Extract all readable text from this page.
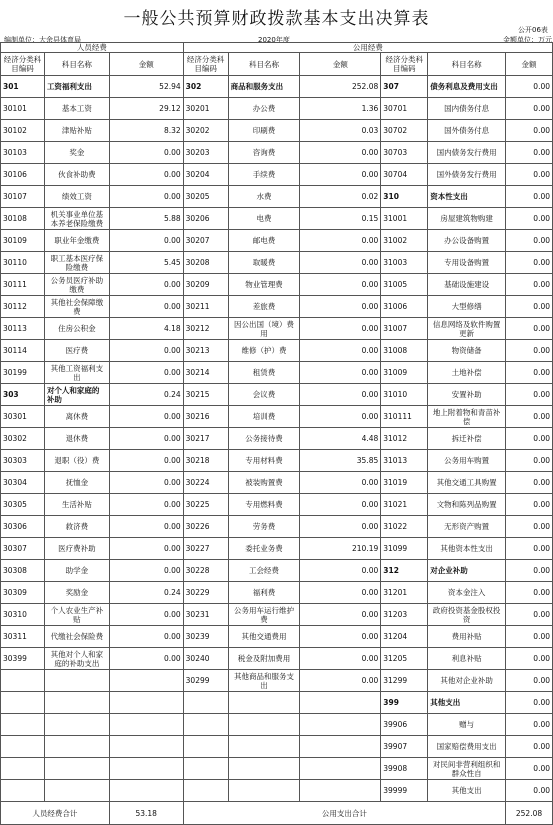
一般公共预算财政拨款基本支出决算表
公开06表
编制单位：大余县体育局	2020年度	金额单位：万元
人员经费			公用经费					
经济分类科目编码	科目名称	金额	经济分类科目编码	科目名称	金额	经济分类科目编码	科目名称	金额
301	工资福利支出	52.94	302	商品和服务支出	252.08	307	债务利息及费用支出	0.00
30101	基本工资	29.12	30201	办公费	1.36	30701	国内债务付息	0.00
30102	津贴补贴	8.32	30202	印刷费	0.03	30702	国外债务付息	0.00
30103	奖金	0.00	30203	咨询费	0.00	30703	国内债务发行费用	0.00
30106	伙食补助费	0.00	30204	手续费	0.00	30704	国外债务发行费用	0.00
30107	绩效工资	0.00	30205	水费	0.02	310	资本性支出	0.00
30108	机关事业单位基本养老保险缴费	5.88	30206	电费	0.15	31001	房屋建筑物购建	0.00
30109	职业年金缴费	0.00	30207	邮电费	0.00	31002	办公设备购置	0.00
30110	职工基本医疗保险缴费	5.45	30208	取暖费	0.00	31003	专用设备购置	0.00
30111	公务员医疗补助缴费	0.00	30209	物业管理费	0.00	31005	基础设施建设	0.00
30112	其他社会保障缴费	0.00	30211	差旅费	0.00	31006	大型修缮	0.00
30113	住房公积金	4.18	30212	因公出国（境）费用	0.00	31007	信息网络及软件购置更新	0.00
30114	医疗费	0.00	30213	维修（护）费	0.00	31008	物资储备	0.00
30199	其他工资福利支出	0.00	30214	租赁费	0.00	31009	土地补偿	0.00
303	对个人和家庭的补助	0.24	30215	会议费	0.00	31010	安置补助	0.00
30301	离休费	0.00	30216	培训费	0.00	310111	地上附着物和青苗补偿	0.00
30302	退休费	0.00	30217	公务接待费	4.48	31012	拆迁补偿	0.00
30303	退职（役）费	0.00	30218	专用材料费	35.85	31013	公务用车购置	0.00
30304	抚恤金	0.00	30224	被装购置费	0.00	31019	其他交通工具购置	0.00
30305	生活补贴	0.00	30225	专用燃料费	0.00	31021	文物和陈列品购置	0.00
30306	救济费	0.00	30226	劳务费	0.00	31022	无形资产购置	0.00
30307	医疗费补助	0.00	30227	委托业务费	210.19	31099	其他资本性支出	0.00
30308	助学金	0.00	30228	工会经费	0.00	312	对企业补助	0.00
30309	奖励金	0.24	30229	福利费	0.00	31201	资本金注入	0.00
30310	个人农业生产补贴	0.00	30231	公务用车运行维护费	0.00	31203	政府投资基金股权投资	0.00
30311	代缴社会保险费	0.00	30239	其他交通费用	0.00	31204	费用补贴	0.00
30399	其他对个人和家庭的补助支出	0.00	30240	税金及附加费用	0.00	31205	利息补贴	0.00
			30299	其他商品和服务支出	0.00	31299	其他对企业补助	0.00
						399	其他支出	0.00
						39906	赠与	0.00
						39907	国家赔偿费用支出	0.00
						39908	对民间非营利组织和群众性自	0.00
						39999	其他支出	0.00
人员经费合计		53.18	公用支出合计					252.08
